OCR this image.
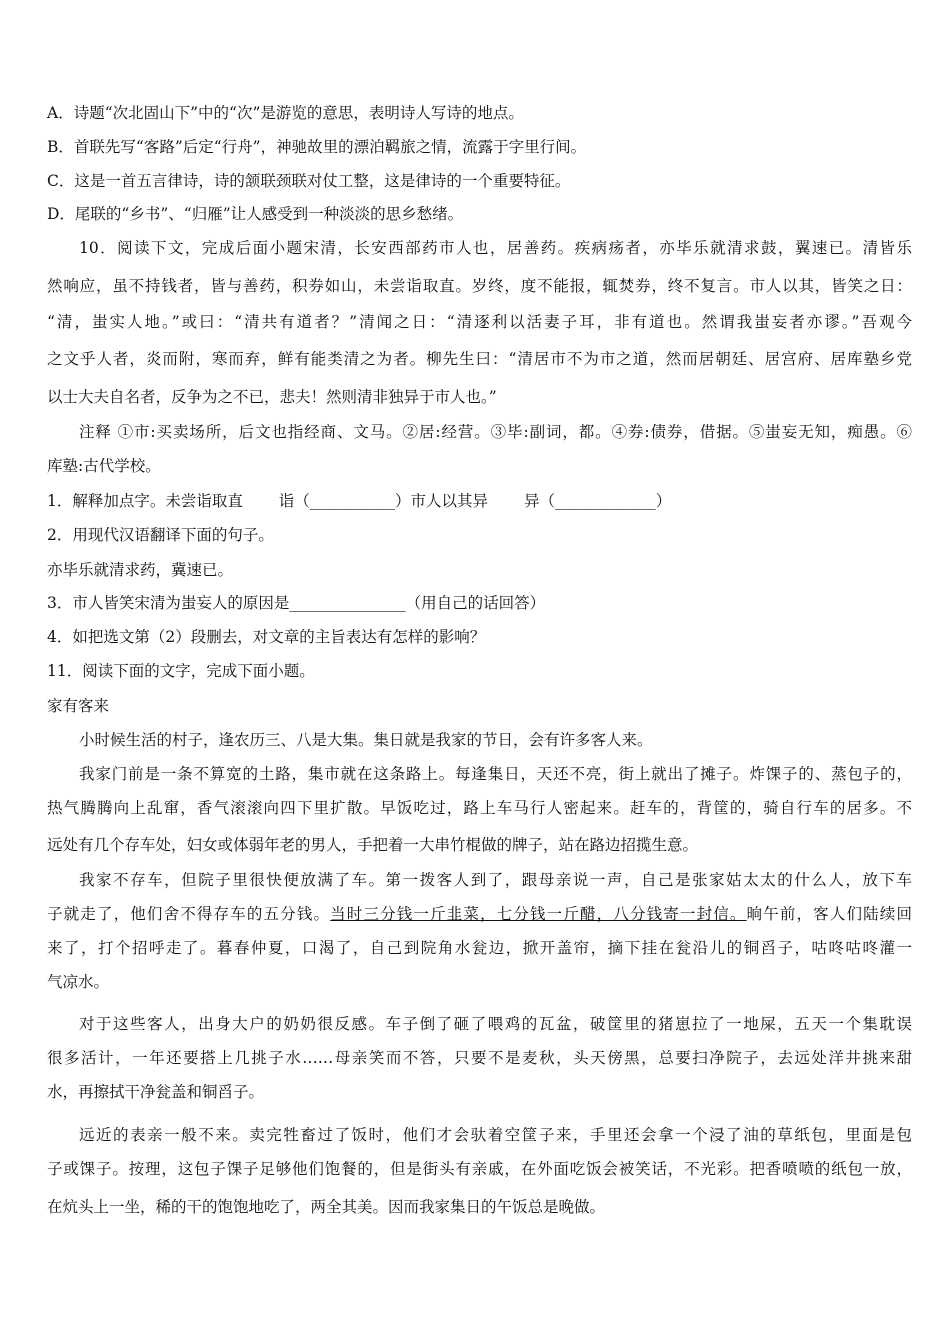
A．诗题“次北固山下”中的“次”是游览的意思，表明诗人写诗的地点。
B．首联先写“客路”后定“行舟”，神驰故里的漂泊羁旅之情，流露于字里行间。
C．这是一首五言律诗，诗的颔联颈联对仗工整，这是律诗的一个重要特征。
D．尾联的“乡书”、“归雁”让人感受到一种淡淡的思乡愁绪。
10．阅读下文，完成后面小题宋清，长安西部药市人也，居善药。疾病疡者，亦毕乐就清求鼓，翼速已。清皆乐
然响应，虽不持钱者，皆与善药，积券如山，未尝诣取直。岁终，度不能报，辄焚券，终不复言。市人以其，皆笑之日：
“清，蚩实人地。”或曰：“清共有道者？”清闻之日：“清逐利以活妻子耳，非有道也。然谓我蚩妄者亦谬。”吾观今
之文乎人者，炎而附，寒而弃，鲜有能类清之为者。柳先生曰：“清居市不为市之道，然而居朝廷、居宫府、居库塾乡党
以士大夫自名者，反争为之不已，悲夫！然则清非独异于市人也。”
注释 ①市:买卖场所，后文也指经商、文马。②居:经营。③毕:副词，都。④券:债券，借据。⑤蚩妄无知，痴愚。⑥
库塾:古代学校。
1．解释加点字。未尝诣取直　　 诣（___________）市人以其异　　 异（_____________）
2．用现代汉语翻译下面的句子。
亦毕乐就清求药，冀速已。
3．市人皆笑宋清为蚩妄人的原因是_______________（用自己的话回答）
4．如把选文第（2）段删去，对文章的主旨表达有怎样的影响？
11．阅读下面的文字，完成下面小题。
家有客来
小时候生活的村子，逢农历三、八是大集。集日就是我家的节日，会有许多客人来。
我家门前是一条不算宽的土路，集市就在这条路上。每逢集日，天还不亮，街上就出了摊子。炸馃子的、蒸包子的，
热气腾腾向上乱窜，香气滚滚向四下里扩散。早饭吃过，路上车马行人密起来。赶车的，背筐的，骑自行车的居多。不
远处有几个存车处，妇女或体弱年老的男人，手把着一大串竹棍做的牌子，站在路边招揽生意。
我家不存车，但院子里很快便放满了车。第一拨客人到了，跟母亲说一声，自己是张家姑太太的什么人，放下车
子就走了，他们舍不得存车的五分钱。当时三分钱一斤韭菜，七分钱一斤醋，八分钱寄一封信。晌午前，客人们陆续回
来了，打个招呼走了。暮春仲夏，口渴了，自己到院角水瓮边，掀开盖帘，摘下挂在瓮沿儿的铜舀子，咕咚咕咚灌一
气凉水。
对于这些客人，出身大户的奶奶很反感。车子倒了砸了喂鸡的瓦盆，破筐里的猪崽拉了一地屎，五天一个集耽误
很多活计，一年还要搭上几挑子水……母亲笑而不答，只要不是麦秋，头天傍黑，总要扫净院子，去远处洋井挑来甜
水，再擦拭干净瓮盖和铜舀子。
远近的表亲一般不来。卖完牲畜过了饭时，他们才会驮着空筐子来，手里还会拿一个浸了油的草纸包，里面是包
子或馃子。按理，这包子馃子足够他们饱餐的，但是街头有亲戚，在外面吃饭会被笑话，不光彩。把香喷喷的纸包一放，
在炕头上一坐，稀的干的饱饱地吃了，两全其美。因而我家集日的午饭总是晚做。
